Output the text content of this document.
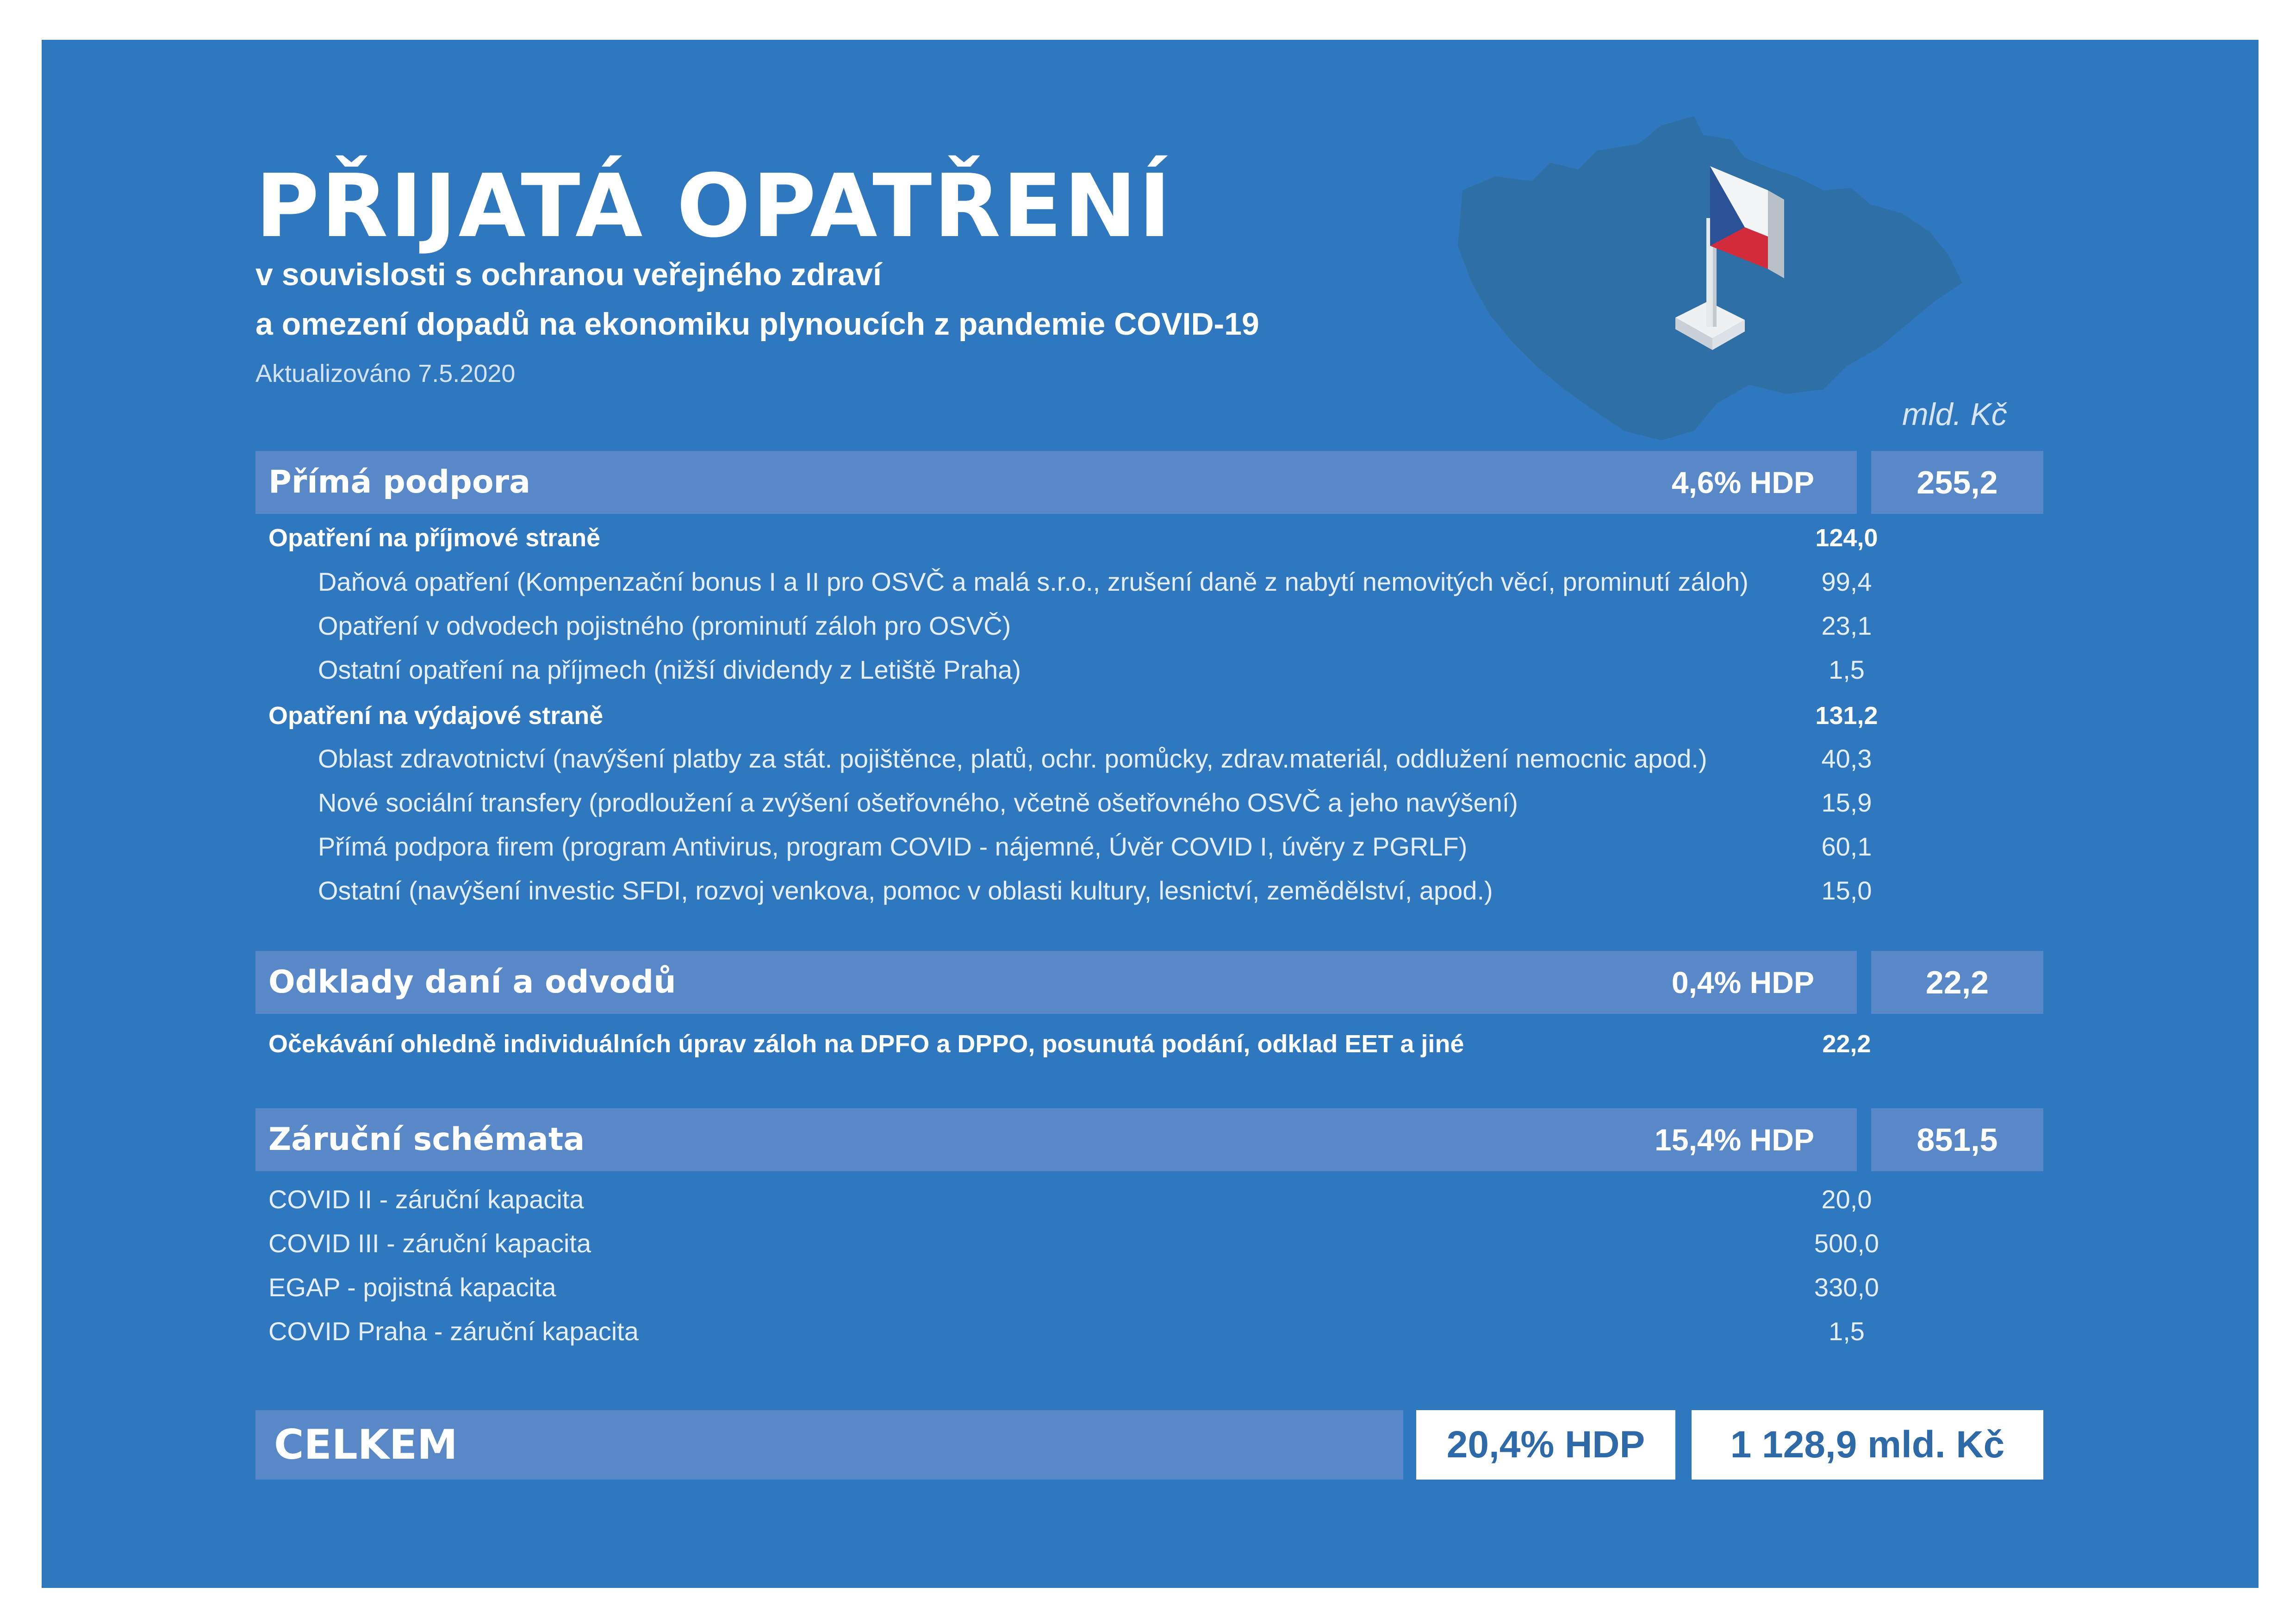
PŘIJATÁ OPATŘENÍ
v souvislosti s ochranou veřejného zdraví
a omezení dopadů na ekonomiku plynoucích z pandemie COVID-19
Aktualizováno 7.5.2020
mld. Kč
Přímá podpora	4,6% HDP	255,2
Opatření na příjmové straně	124,0
Daňová opatření (Kompenzační bonus I a II pro OSVČ a malá s.r.o., zrušení daně z nabytí nemovitých věcí, prominutí záloh)	99,4
Opatření v odvodech pojistného (prominutí záloh pro OSVČ)	23,1
Ostatní opatření na příjmech (nižší dividendy z Letiště Praha)	1,5
Opatření na výdajové straně	131,2
Oblast zdravotnictví (navýšení platby za stát. pojištěnce, platů, ochr. pomůcky, zdrav.materiál, oddlužení nemocnic apod.)	40,3
Nové sociální transfery (prodloužení a zvýšení ošetřovného, včetně ošetřovného OSVČ a jeho navýšení)	15,9
Přímá podpora firem (program Antivirus, program COVID - nájemné, Úvěr COVID I, úvěry z PGRLF)	60,1
Ostatní (navýšení investic SFDI, rozvoj venkova, pomoc v oblasti kultury, lesnictví, zemědělství, apod.)	15,0
Odklady daní a odvodů	0,4% HDP	22,2
Očekávání ohledně individuálních úprav záloh na DPFO a DPPO, posunutá podání, odklad EET a jiné	22,2
Záruční schémata	15,4% HDP	851,5
COVID II - záruční kapacita	20,0
COVID III - záruční kapacita	500,0
EGAP - pojistná kapacita	330,0
COVID Praha - záruční kapacita	1,5
CELKEM	20,4% HDP	1 128,9 mld. Kč
